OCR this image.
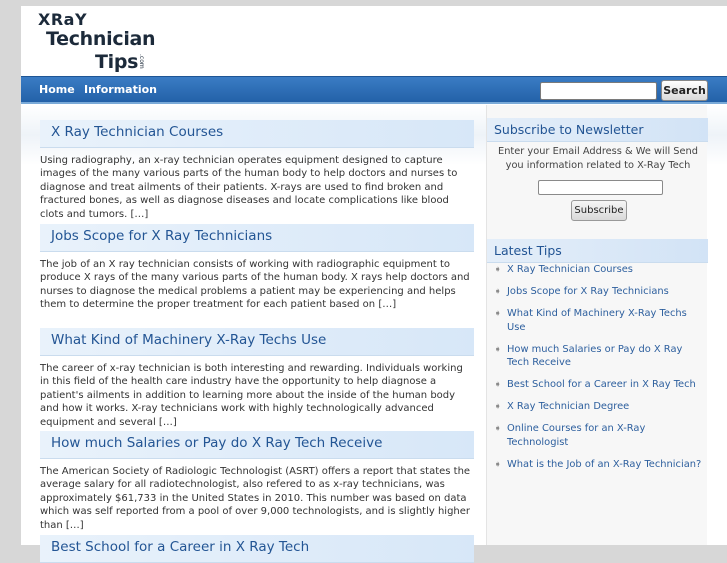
XRaY
Technician
Tips .com
Home Information	Search
X Ray Technician Courses

Using radiography, an x-ray technician operates equipment designed to capture images of the many various parts of the human body to help doctors and nurses to diagnose and treat ailments of their patients. X-rays are used to find broken and fractured bones, as well as diagnose diseases and locate complications like blood clots and tumors. […]

Jobs Scope for X Ray Technicians

The job of an X ray technician consists of working with radiographic equipment to produce X rays of the many various parts of the human body. X rays help doctors and nurses to diagnose the medical problems a patient may be experiencing and helps them to determine the proper treatment for each patient based on […]

What Kind of Machinery X-Ray Techs Use

The career of x-ray technician is both interesting and rewarding. Individuals working in this field of the health care industry have the opportunity to help diagnose a patient's ailments in addition to learning more about the inside of the human body and how it works. X-ray technicians work with highly technologically advanced equipment and several […]

How much Salaries or Pay do X Ray Tech Receive

The American Society of Radiologic Technologist (ASRT) offers a report that states the average salary for all radiotechnologist, also refered to as x-ray technicians, was approximately $61,733 in the United States in 2010. This number was based on data which was self reported from a pool of over 9,000 technologists, and is slightly higher than […]

Best School for a Career in X Ray Tech
Subscribe to Newsletter

Enter your Email Address & We will Send you information related to X-Ray Tech

Subscribe
Latest Tips
➧ X Ray Technician Courses
➧ Jobs Scope for X Ray Technicians
➧ What Kind of Machinery X-Ray Techs Use
➧ How much Salaries or Pay do X Ray Tech Receive
➧ Best School for a Career in X Ray Tech
➧ X Ray Technician Degree
➧ Online Courses for an X-Ray Technologist
➧ What is the Job of an X-Ray Technician?
